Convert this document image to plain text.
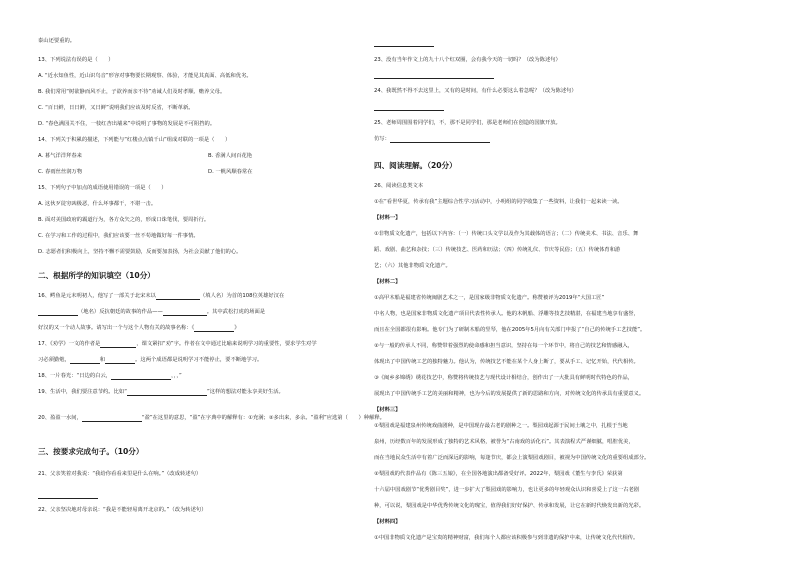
泰山还要重的。
13、下列说法有误的是（　　）
A. “近水知鱼性，近山识鸟音”形容对事物要长期观察、体验，才能见其真面、高低和优劣。
B. 我们常用“树欲静而风不止，子欲养而亲不待”劝诫人们及时孝顺、赡养父母。
C. “百日鲜，日日鲜，又日鲜”说明我们应该及时反省，不断革新。
D. “春色满园关不住，一枝红杏出墙来”中说明了事物的发展是不可阻挡的。
14、下列关于积累的描述，下列能与“红楼点点镇千山”组成对联的一项是（　　）
A. 暮气洋洋拜春来	B. 香满人间百花艳
C. 春雨丝丝润万物	D. 一帆风顺春常在
15、下列句子中加点的成语使用错误的一项是（　　）
A. 这伙歹徒穷凶极恶，什么坏事都干，不堪一击。
B. 面对美国政府的霸道行为，各方众矢之的，形成口诛笔伐，要周折行。
C. 在学习和工作的过程中，我们应该要一丝不苟地做好每一件事情。
D. 志愿者们积极向上，坚持不懈不需要鼓励，反而要加表扬，为社会贡献了他们的心。
二、根据所学的知识填空（10分）
16、鳄鱼是元末明初人，他写了一部关于北宋末以	（填人名）为首的108位英雄好汉在
（地名）反抗朝廷的故事的作品——	。其中武松打虎的场面是
好汉的又一个动人故事。请写出一个与这个人物有关的故事名称：《	》
17、《劝学》一文的作者是	，课文紧扣“劝”字。作者在文中通过比喻来说明学习的重要性，要求学生对学
习必须勤勉，	和	。这两个成语都是说明学习不能停止，要不断地学习。
18、一片春光：“日边的白云，	，，，”
19、生活中，我们要注意节约。比如“	”这样的想法对能永享美好生活。
20、盈盈一水间，	“盈”在这里的意思，“盈”在字典中的解释有：①充满；②多出来，多余。“盈利”应选第（　　）种解释。
三、按要求完成句子。（10分）
21、父亲笑着对我说：“我给你看看来里是什么在响。”（改成转述句）
22、父亲坚决地对母亲说：“我是不能轻易离开北京的。”（改为转述句）
23、没有当年作文上的九十八个红双圈，会有我今天的一切吗？（改为陈述句）
24、我既然不得不去这里上，又有的是时间，有什么必要这么着急呢？（改为陈述句）
25、老师周围围着同学们，不，那不是同学们，那是老师们在创造的国旗开放。
仿写：
四、阅读理解。（20分）
26、阅读信息类文本
①在“看世华夏，传承有我”主题综合性学习活动中，小明组的同学收集了一些资料，让我们一起来读一读。
【材料一】
①非物质文化遗产，包括以下内容：（一）传统口头文学以及作为其载体的语言；（二）传统美术、书法、音乐、舞
蹈、戏剧、曲艺和杂技；（三）传统技艺、医药和历法；（四）传统礼仪、节庆等民俗；（五）传统体育和游
艺；（六）其他非物质文化遗产。
【材料二】
①高甲木船是福建省传统闽剧艺术之一，是国家级非物质文化遗产。称赞被评为2019年“大国工匠”
中名人物，也是国家非物质文化遗产项目代表性传承人。他的木帆船、浮雕等技艺技精湛，在福建当地享有盛誉，
而且在全国都很有影响。他专门为了研制木船的竖琴，他在2005年5月向有关部门申报了“自己的传统手工艺技能”。
②与一般的传承人不同，称赞带着强烈的使命感和担当意识，坚持在每一个环节中，将自己的技艺和情感融入，
体现出了中国传统工艺的独特魅力。他认为，传统技艺不能在某个人身上断了，要从手工、记忆开始，代代相传。
③《闽乡多锦绣》绣花技艺中，称赞将传统技艺与现代设计相结合，创作出了一大批具有鲜明时代特色的作品，
展现出了中国传统手工艺的美丽和精神，也为今后的发展提供了新的思路和方向，对传统文化的传承具有重要意义。
【材料三】
①梨园戏是福建泉州传统戏曲剧种，是中国现存最古老的剧种之一。梨园戏起源于民间土壤之中，扎根于当地
泉州，历经数百年的发展形成了独特的艺术风格，被誉为“古南戏的活化石”。其表演程式严谨细腻，唱腔优美，
而在当地民众生活中有着广泛而深远的影响，每逢节庆，都会上演梨园戏剧目，被视为中国传统文化的重要组成部分。
②梨园戏的代表作品有《陈三五娘》，在全国各地演出都备受好评。2022年，梨园戏《董生与李氏》荣获第
十六届中国戏剧节“优秀剧目奖”，进一步扩大了梨园戏的影响力，也让更多的年轻观众认识和喜爱上了这一古老剧
种，可以说，梨园戏是中华优秀传统文化的瑰宝，值得我们好好保护、传承和发展，让它在新时代焕发出新的光彩。
【材料四】
①中国非物质文化遗产是宝贵的精神财富，我们每个人都应该积极参与到非遗的保护中来，让传统文化代代相传。
